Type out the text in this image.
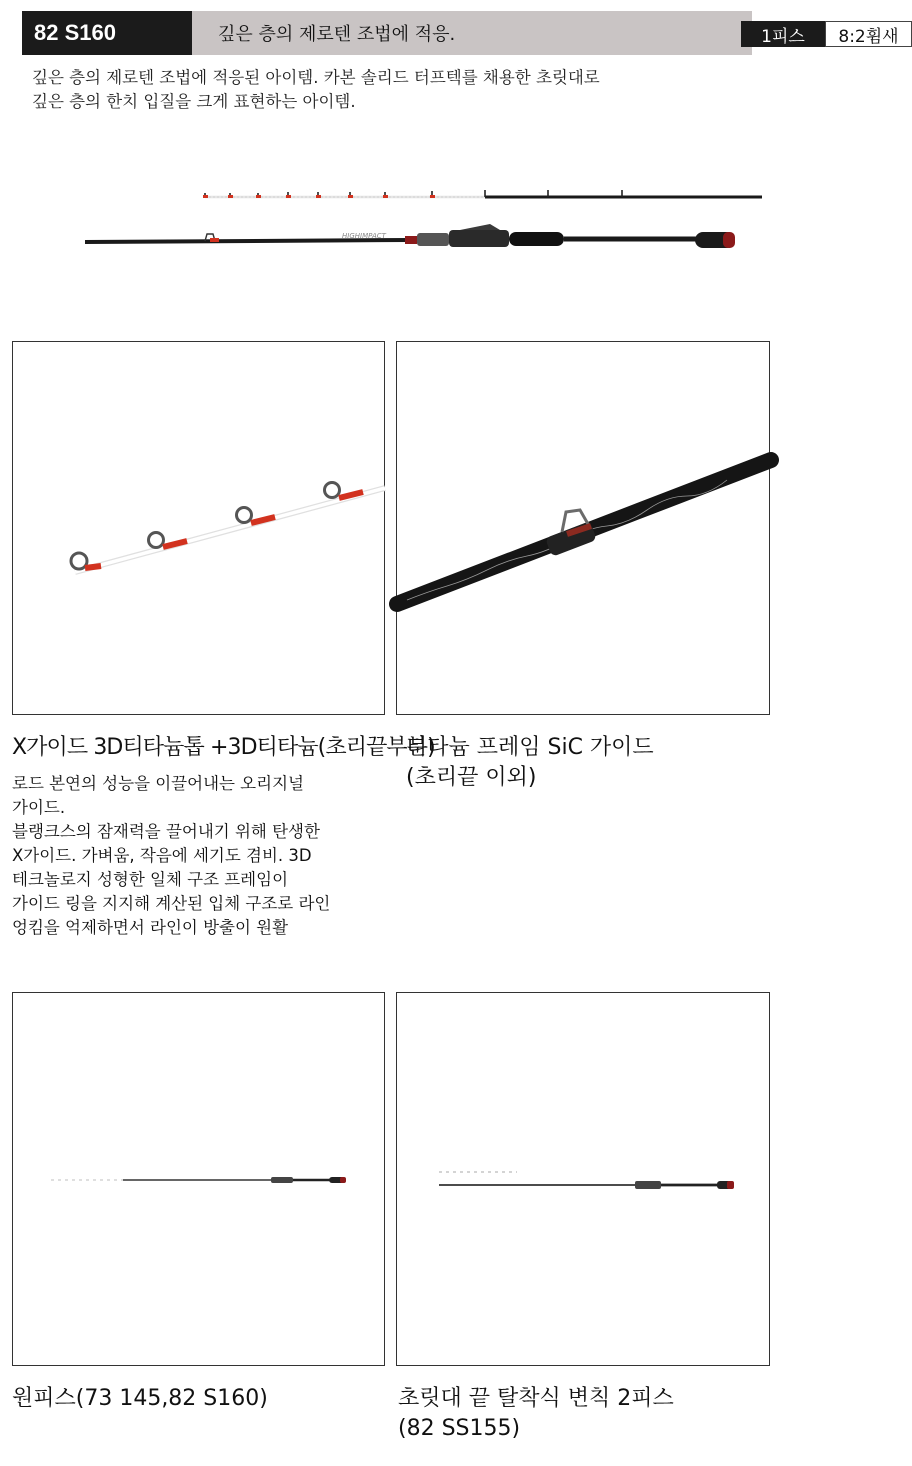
82 S160	깊은 층의 제로텐 조법에 적응.	1피스	8:2휨새
깊은 층의 제로텐 조법에 적응된 아이템. 카본 솔리드 터프텍를 채용한 초릿대로
깊은 층의 한치 입질을 크게 표현하는 아이템.
HIGHIMPACT
X가이드 3D티타늄톱 +3D티타늄(초리끝부분)
로드 본연의 성능을 이끌어내는 오리지널
가이드.
블랭크스의 잠재력을 끌어내기 위해 탄생한
X가이드. 가벼움, 작음에 세기도 겸비. 3D
테크놀로지 성형한 일체 구조 프레임이
가이드 링을 지지해 계산된 입체 구조로 라인
엉킴을 억제하면서 라인이 방출이 원활
티타늄 프레임 SiC 가이드
(초리끝 이외)
원피스(73 145,82 S160)	초릿대 끝 탈착식 변칙 2피스
(82 SS155)
